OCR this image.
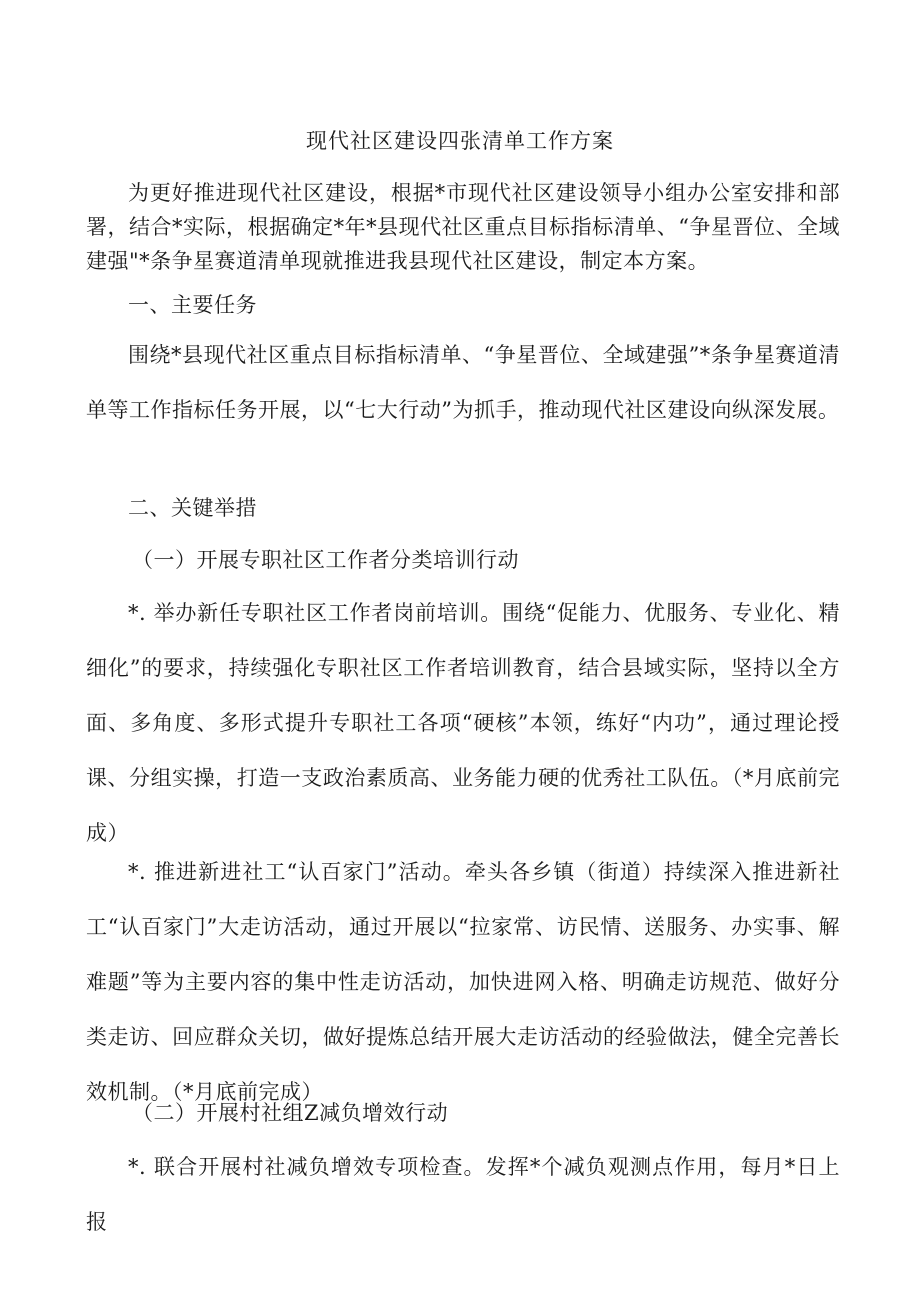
现代社区建设四张清单工作方案
为更好推进现代社区建设，根据*市现代社区建设领导小组办公室安排和部署，结合*实际，根据确定*年*县现代社区重点目标指标清单、“争星晋位、全域建强"*条争星赛道清单现就推进我县现代社区建设，制定本方案。
一、主要任务
围绕*县现代社区重点目标指标清单、“争星晋位、全域建强”*条争星赛道清单等工作指标任务开展，以“七大行动”为抓手，推动现代社区建设向纵深发展。
二、关键举措
（一）开展专职社区工作者分类培训行动
*. 举办新任专职社区工作者岗前培训。围绕“促能力、优服务、专业化、精细化”的要求，持续强化专职社区工作者培训教育，结合县域实际，坚持以全方面、多角度、多形式提升专职社工各项“硬核”本领，练好“内功”，通过理论授课、分组实操，打造一支政治素质高、业务能力硬的优秀社工队伍。（*月底前完成）
*. 推进新进社工“认百家门”活动。牵头各乡镇（街道）持续深入推进新社工“认百家门”大走访活动，通过开展以“拉家常、访民情、送服务、办实事、解难题”等为主要内容的集中性走访活动，加快进网入格、明确走访规范、做好分类走访、回应群众关切，做好提炼总结开展大走访活动的经验做法，健全完善长效机制。（*月底前完成）
（二）开展村社组Z减负增效行动
*. 联合开展村社减负增效专项检查。发挥*个减负观测点作用，每月*日上报
